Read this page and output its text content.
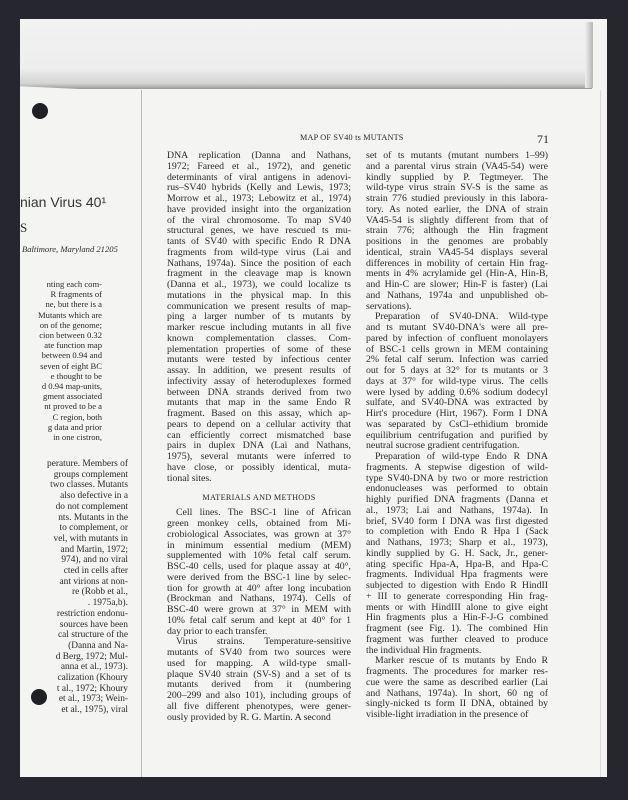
nian Virus 40¹
S
Baltimore, Maryland 21205
nting each com-
R fragments of
ne, but there is a
Mutants which are
on of the genome;
cion between 0.32
ate function map
between 0.94 and
seven of eight BC
e thought to be
d 0.94 map-units,
gment associated
nt proved to be a
C region, both
g data and prior
in one cistron,
perature. Members of
groups complement
two classes. Mutants
also defective in a
do not complement
nts. Mutants in the
to complement, or
vel, with mutants in
and Martin, 1972;
974), and no viral
cted in cells after
ant virions at non-
re (Robb et al.,
. 1975a,b).
restriction endonu-
sources have been
cal structure of the
(Danna and Na-
d Berg, 1972; Mul-
anna et al., 1973).
calization (Khoury
t al., 1972; Khoury
et al., 1973; Wein-
et al., 1975), viral
MAP OF SV40 ts MUTANTS	71
DNA replication (Danna and Nathans,
1972; Fareed et al., 1972), and genetic
determinants of viral antigens in adenovi-
rus–SV40 hybrids (Kelly and Lewis, 1973;
Morrow et al., 1973; Lebowitz et al., 1974)
have provided insight into the organization
of the viral chromosome. To map SV40
structural genes, we have rescued ts mu-
tants of SV40 with specific Endo R DNA
fragments from wild-type virus (Lai and
Nathans, 1974a). Since the position of each
fragment in the cleavage map is known
(Danna et al., 1973), we could localize ts
mutations in the physical map. In this
communication we present results of map-
ping a larger number of ts mutants by
marker rescue including mutants in all five
known complementation classes. Com-
plementation properties of some of these
mutants were tested by infectious center
assay. In addition, we present results of
infectivity assay of heteroduplexes formed
between DNA strands derived from two
mutants that map in the same Endo R
fragment. Based on this assay, which ap-
pears to depend on a cellular activity that
can efficiently correct mismatched base
pairs in duplex DNA (Lai and Nathans,
1975), several mutants were inferred to
have close, or possibly identical, muta-
tional sites.
MATERIALS AND METHODS
Cell lines. The BSC-1 line of African
green monkey cells, obtained from Mi-
crobiological Associates, was grown at 37°
in minimum essential medium (MEM)
supplemented with 10% fetal calf serum.
BSC-40 cells, used for plaque assay at 40°,
were derived from the BSC-1 line by selec-
tion for growth at 40° after long incubation
(Brockman and Nathans, 1974). Cells of
BSC-40 were grown at 37° in MEM with
10% fetal calf serum and kept at 40° for 1
day prior to each transfer.
Virus strains. Temperature-sensitive
mutants of SV40 from two sources were
used for mapping. A wild-type small-
plaque SV40 strain (SV-S) and a set of ts
mutants derived from it (numbering
200–299 and also 101), including groups of
all five different phenotypes, were gener-
ously provided by R. G. Martin. A second
set of ts mutants (mutant numbers 1–99)
and a parental virus strain (VA45-54) were
kindly supplied by P. Tegtmeyer. The
wild-type virus strain SV-S is the same as
strain 776 studied previously in this labora-
tory. As noted earlier, the DNA of strain
VA45-54 is slightly different from that of
strain 776; although the Hin fragment
positions in the genomes are probably
identical, strain VA45-54 displays several
differences in mobility of certain Hin frag-
ments in 4% acrylamide gel (Hin-A, Hin-B,
and Hin-C are slower; Hin-F is faster) (Lai
and Nathans, 1974a and unpublished ob-
servations).
Preparation of SV40-DNA. Wild-type
and ts mutant SV40-DNA's were all pre-
pared by infection of confluent monolayers
of BSC-1 cells grown in MEM containing
2% fetal calf serum. Infection was carried
out for 5 days at 32° for ts mutants or 3
days at 37° for wild-type virus. The cells
were lysed by adding 0.6% sodium dodecyl
sulfate, and SV40-DNA was extracted by
Hirt's procedure (Hirt, 1967). Form I DNA
was separated by CsCl–ethidium bromide
equilibrium centrifugation and purified by
neutral sucrose gradient centrifugation.
Preparation of wild-type Endo R DNA
fragments. A stepwise digestion of wild-
type SV40-DNA by two or more restriction
endonucleases was performed to obtain
highly purified DNA fragments (Danna et
al., 1973; Lai and Nathans, 1974a). In
brief, SV40 form I DNA was first digested
to completion with Endo R Hpa I (Sack
and Nathans, 1973; Sharp et al., 1973),
kindly supplied by G. H. Sack, Jr., gener-
ating specific Hpa-A, Hpa-B, and Hpa-C
fragments. Individual Hpa fragments were
subjected to digestion with Endo R HindII
+ III to generate corresponding Hin frag-
ments or with HindIII alone to give eight
Hin fragments plus a Hin-F-J-G combined
fragment (see Fig. 1). The combined Hin
fragment was further cleaved to produce
the individual Hin fragments.
Marker rescue of ts mutants by Endo R
fragments. The procedures for marker res-
cue were the same as described earlier (Lai
and Nathans, 1974a). In short, 60 ng of
singly-nicked ts form II DNA, obtained by
visible-light irradiation in the presence of
